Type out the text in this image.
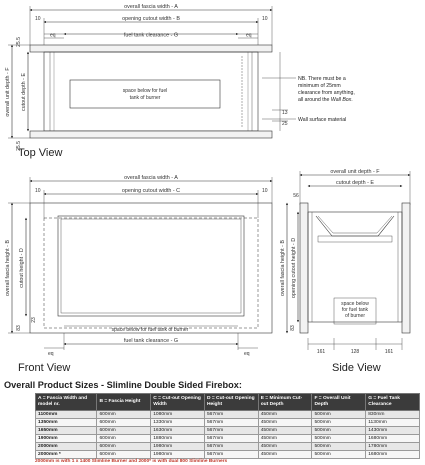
overall fascia width - A
opening cutout width - B
fuel tank clearance - G
10	10
eq	eq
25.5
25.5
overall unit depth - F cutout depth - E	space below for fuel
tank of burner
13
25
NB. There must be a
minimum of 25mm
clearance from anything,
all around the Wall Box.
Wall surface material
Top View
overall fascia width - A
opening cutout width - C
10	10
overall fascia height - B cutout height - D
83
23
space below for fuel tank of burner
fuel tank clearance - G
eq	eq
Front View
overall unit depth - F
cutout depth - E
56
overall fascia height - B opening cutout height - D
83
space below
for fuel tank
of burner
161	128	161
Side View
Overall Product Sizes - Slimline Double Sided Firebox:
A = Fascia Width and model nr.	B = Fascia Height	C = Cut-out Opening Width	D = Cut-out Opening Height	E = Minimum Cut-out Depth	F = Overall Unit Depth	G = Fuel Tank Clearance
1100mm	600mm	1080mm	567mm	450mm	500mm	830mm
1350mm	600mm	1330mm	567mm	450mm	500mm	1130mm
1650mm	600mm	1630mm	567mm	450mm	500mm	1430mm
1900mm	600mm	1880mm	567mm	450mm	500mm	1680mm
2000mm	600mm	1980mm	567mm	450mm	500mm	1780mm
2000mm *	600mm	1980mm	567mm	450mm	500mm	1680mm
2000mm is with 1 x 1400 Slimline Burner and 2000* is with dual 800 Slimline Burners
